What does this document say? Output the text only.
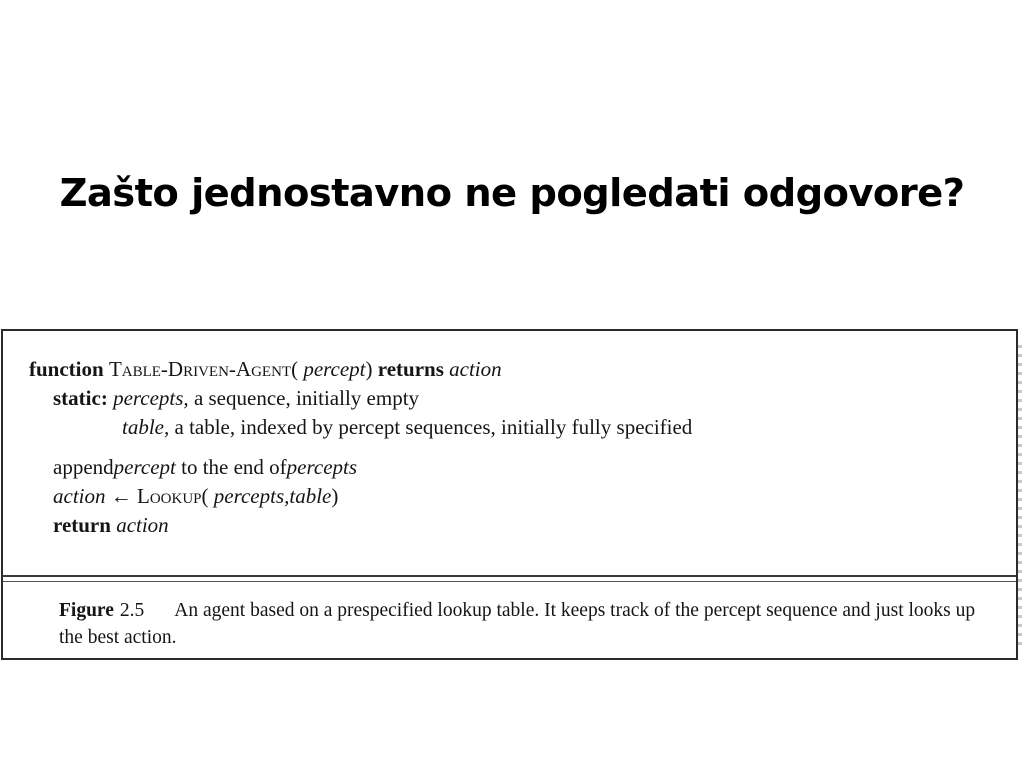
Zašto jednostavno ne pogledati odgovore?
function Table-Driven-Agent( percept) returns action
static: percepts, a sequence, initially empty
table, a table, indexed by percept sequences, initially fully specified
appendpercept to the end ofpercepts
action ← Lookup( percepts,table)
return action
Figure 2.5 An agent based on a prespecified lookup table. It keeps track of the percept sequence and just looks up the best action.
